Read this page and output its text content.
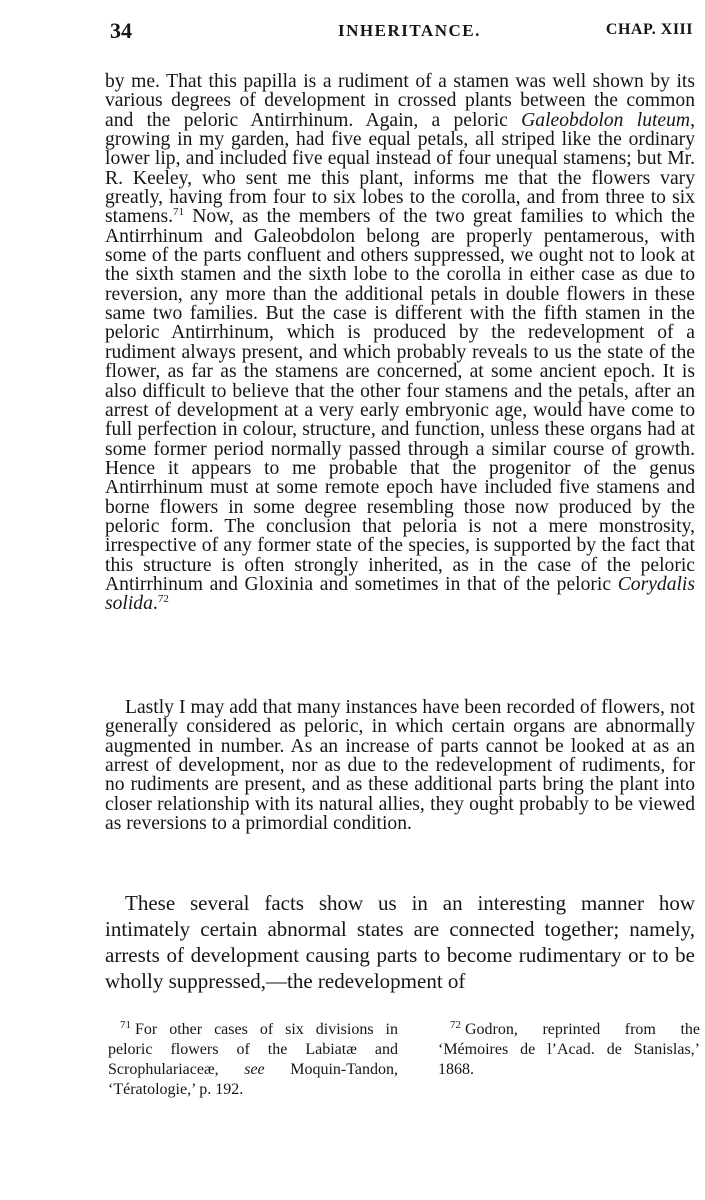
34	INHERITANCE.	CHAP. XIII

by me. That this papilla is a rudiment of a stamen was well shown by its various degrees of development in crossed plants between the common and the peloric Antirrhinum. Again, a peloric Galeobdolon luteum, growing in my garden, had five equal petals, all striped like the ordinary lower lip, and included five equal instead of four unequal stamens; but Mr. R. Keeley, who sent me this plant, informs me that the flowers vary greatly, having from four to six lobes to the corolla, and from three to six stamens.$^{71}$ Now, as the members of the two great families to which the Antirrhinum and Galeobdolon belong are properly pentamerous, with some of the parts confluent and others suppressed, we ought not to look at the sixth stamen and the sixth lobe to the corolla in either case as due to reversion, any more than the additional petals in double flowers in these same two families. But the case is different with the fifth stamen in the peloric Antirrhinum, which is produced by the redevelopment of a rudiment always present, and which probably reveals to us the state of the flower, as far as the stamens are concerned, at some ancient epoch. It is also difficult to believe that the other four stamens and the petals, after an arrest of development at a very early embryonic age, would have come to full perfection in colour, structure, and function, unless these organs had at some former period normally passed through a similar course of growth. Hence it appears to me probable that the progenitor of the genus Antirrhinum must at some remote epoch have included five stamens and borne flowers in some degree resembling those now produced by the peloric form. The conclusion that peloria is not a mere monstrosity, irrespective of any former state of the species, is supported by the fact that this structure is often strongly inherited, as in the case of the peloric Antirrhinum and Gloxinia and sometimes in that of the peloric Corydalis solida.$^{72}$

Lastly I may add that many instances have been recorded of flowers, not generally considered as peloric, in which certain organs are abnormally augmented in number. As an increase of parts cannot be looked at as an arrest of development, nor as due to the redevelopment of rudiments, for no rudiments are present, and as these additional parts bring the plant into closer relationship with its natural allies, they ought probably to be viewed as reversions to a primordial condition.

These several facts show us in an interesting manner how intimately certain abnormal states are connected together; namely, arrests of development causing parts to become rudimentary or to be wholly suppressed,—the redevelopment of

$^{71}$ For other cases of six divisions in peloric flowers of the Labiatæ and Scrophulariaceæ, see Moquin-Tandon, ‘Tératologie,’ p. 192.
$^{72}$ Godron, reprinted from the ‘Mémoires de l’Acad. de Stanislas,’ 1868.
